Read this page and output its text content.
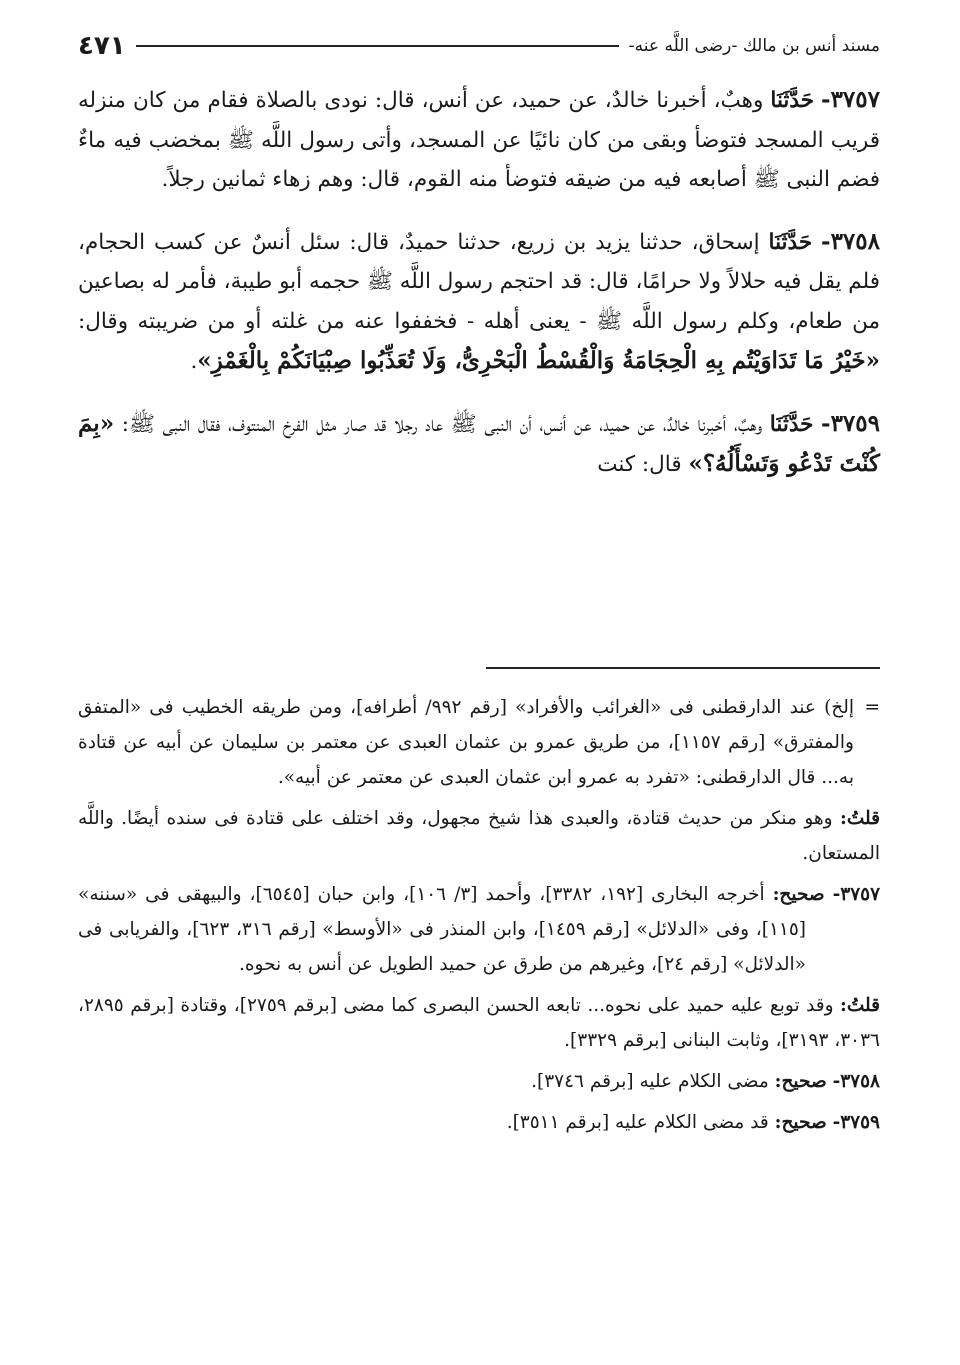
مسند أنس بن مالك -رضى اللَّه عنه-
٤٧١

٣٧٥٧- حَدَّثَنَا وهبٌ، أخبرنا خالدٌ، عن حميد، عن أنس، قال: نودى بالصلاة فقام من كان منزله قريب المسجد فتوضأ وبقى من كان نائيًا عن المسجد، وأتى رسول اللَّه ﷺ بمخضب فيه ماءٌ فضم النبى ﷺ أصابعه فيه من ضيقه فتوضأ منه القوم، قال: وهم زهاء ثمانين رجلاً.

٣٧٥٨- حَدَّثَنَا إسحاق، حدثنا يزيد بن زريع، حدثنا حميدٌ، قال: سئل أنسٌ عن كسب الحجام، فلم يقل فيه حلالاً ولا حرامًا، قال: قد احتجم رسول اللَّه ﷺ حجمه أبو طيبة، فأمر له بصاعين من طعام، وكلم رسول اللَّه ﷺ - يعنى أهله - فخففوا عنه من غلته أو من ضريبته وقال: «خَيْرُ مَا تَدَاوَيْتُم بِهِ الْحِجَامَةُ وَالْقُسْطُ الْبَحْرِىُّ، وَلَا تُعَذِّبُوا صِبْيَانَكُمْ بِالْغَمْزِ».

٣٧٥٩- حَدَّثَنَا وهبٌ، أخبرنا خالدٌ، عن حميد، عن أنس، أن النبى ﷺ عاد رجلا قد صار مثل الفرخ المنتوف، فقال النبى ﷺ: «بِمَ كُنْتَ تَدْعُو وَتَسْأَلُهُ؟» قال: كنت

=
إلخ) عند الدارقطنى فى «الغرائب والأفراد» [رقم ٩٩٢/ أطرافه]، ومن طريقه الخطيب فى «المتفق والمفترق» [رقم ١١٥٧]، من طريق عمرو بن عثمان العبدى عن معتمر بن سليمان عن أبيه عن قتادة به... قال الدارقطنى: «تفرد به عمرو ابن عثمان العبدى عن معتمر عن أبيه».

قلتُ: وهو منكر من حديث قتادة، والعبدى هذا شيخ مجهول، وقد اختلف على قتادة فى سنده أيضًا. واللَّه المستعان.

٣٧٥٧- صحيح: أخرجه البخارى [١٩٢، ٣٣٨٢]، وأحمد [٣/ ١٠٦]، وابن حبان [٦٥٤٥]، والبيهقى فى «سننه» [١١٥]، وفى «الدلائل» [رقم ١٤٥٩]، وابن المنذر فى «الأوسط» [رقم ٣١٦، ٦٢٣]، والفريابى فى «الدلائل» [رقم ٢٤]، وغيرهم من طرق عن حميد الطويل عن أنس به نحوه.

قلتُ: وقد توبع عليه حميد على نحوه... تابعه الحسن البصرى كما مضى [برقم ٢٧٥٩]، وقتادة [برقم ٢٨٩٥، ٣٠٣٦، ٣١٩٣]، وثابت البنانى [برقم ٣٣٢٩].

٣٧٥٨- صحيح: مضى الكلام عليه [برقم ٣٧٤٦].

٣٧٥٩- صحيح: قد مضى الكلام عليه [برقم ٣٥١١].
